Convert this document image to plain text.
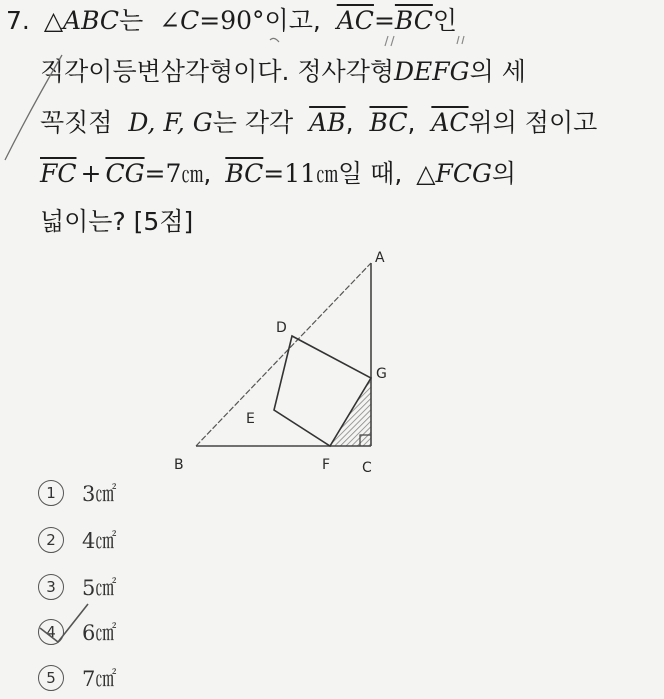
7. △ABC는 ∠C=90°이고, $\overline{AC}=\overline{BC}$인
직각이등변삼각형이다. 정사각형DEFG의 세
꼭짓점 D, F, G는 각각 $\overline{AB}$, $\overline{BC}$, $\overline{AC}$위의 점이고
$\overline{FC}$ + $\overline{CG}=7㎝$, $\overline{BC}=11㎝$일 때, △FCG의
넓이는? [5점]
A
D
G
E
B	F C
1 3㎠
2 4㎠
3 5㎠
4 6㎠
5 7㎠
